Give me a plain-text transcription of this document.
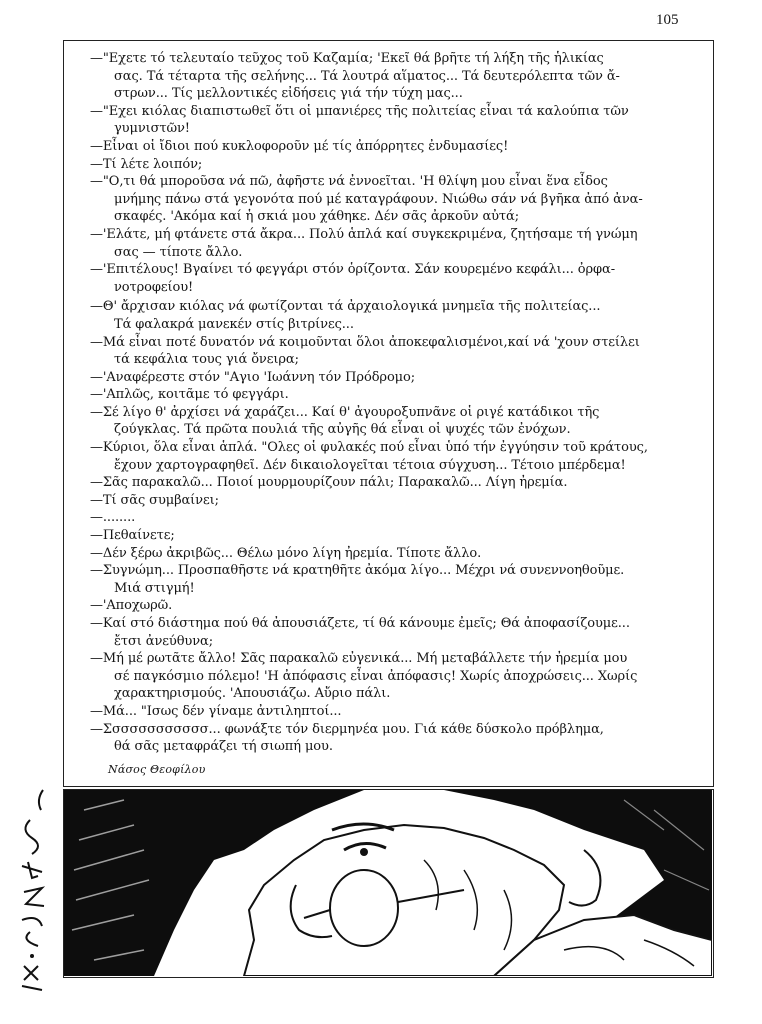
105
—"Εχετε τό τελευταίο τεῦχος τοῦ Καζαμία; 'Εκεῖ θά βρῆτε τή λήξη τῆς ἡλικίας
σας. Τά τέταρτα τῆς σελήνης... Τά λουτρά αἵματος... Τά δευτερόλεπτα τῶν ἄ-
στρων... Τίς μελλοντικές εἰδήσεις γιά τήν τύχη μας...
—"Εχει κιόλας διαπιστωθεῖ ὅτι οἱ μπανιέρες τῆς πολιτείας εἶναι τά καλούπια τῶν
γυμνιστῶν!
—Εἶναι οἱ ἴδιοι πού κυκλοφοροῦν μέ τίς ἀπόρρητες ἐνδυμασίες!
—Τί λέτε λοιπόν;
—"Ο,τι θά μποροῦσα νά πῶ, ἀφῆστε νά ἐννοεῖται. 'Η θλίψη μου εἶναι ἕνα εἶδος
μνήμης πάνω στά γεγονότα πού μέ καταγράφουν. Νιώθω σάν νά βγῆκα ἀπό ἀνα-
σκαφές. 'Ακόμα καί ἡ σκιά μου χάθηκε. Δέν σᾶς ἀρκοῦν αὐτά;
—'Ελάτε, μή φτάνετε στά ἄκρα... Πολύ ἁπλά καί συγκεκριμένα, ζητήσαμε τή γνώμη
σας — τίποτε ἄλλο.
—'Επιτέλους! Βγαίνει τό φεγγάρι στόν ὁρίζοντα. Σάν κουρεμένο κεφάλι... ὀρφα-
νοτροφείου!
—Θ' ἄρχισαν κιόλας νά φωτίζονται τά ἀρχαιολογικά μνημεῖα τῆς πολιτείας...
Τά φαλακρά μανεκέν στίς βιτρίνες...
—Μά εἶναι ποτέ δυνατόν νά κοιμοῦνται ὅλοι ἀποκεφαλισμένοι,καί νά 'χουν στείλει
τά κεφάλια τους γιά ὄνειρα;
—'Αναφέρεστε στόν "Αγιο 'Ιωάννη τόν Πρόδρομο;
—'Απλῶς, κοιτᾶμε τό φεγγάρι.
—Σέ λίγο θ' ἀρχίσει νά χαράζει... Καί θ' ἀγουροξυπνᾶνε οἱ ριγέ κατάδικοι τῆς
ζούγκλας. Τά πρῶτα πουλιά τῆς αὐγῆς θά εἶναι οἱ ψυχές τῶν ἐνόχων.
—Κύριοι, ὅλα εἶναι ἁπλά. "Ολες οἱ φυλακές πού εἶναι ὑπό τήν ἐγγύησιν τοῦ κράτους,
ἔχουν χαρτογραφηθεῖ. Δέν δικαιολογεῖται τέτοια σύγχυση... Τέτοιο μπέρδεμα!
—Σᾶς παρακαλῶ... Ποιοί μουρμουρίζουν πάλι; Παρακαλῶ... Λίγη ἠρεμία.
—Τί σᾶς συμβαίνει;
—........
—Πεθαίνετε;
—Δέν ξέρω ἀκριβῶς... Θέλω μόνο λίγη ἠρεμία. Τίποτε ἄλλο.
—Συγνώμη... Προσπαθῆστε νά κρατηθῆτε ἀκόμα λίγο... Μέχρι νά συνεννοηθοῦμε.
Μιά στιγμή!
—'Αποχωρῶ.
—Καί στό διάστημα πού θά ἀπουσιάζετε, τί θά κάνουμε ἐμεῖς; Θά ἀποφασίζουμε...
ἔτσι ἀνεύθυνα;
—Μή μέ ρωτᾶτε ἄλλο! Σᾶς παρακαλῶ εὐγενικά... Μή μεταβάλλετε τήν ἠρεμία μου
σέ παγκόσμιο πόλεμο! 'Η ἀπόφασις εἶναι ἀπόφασις! Χωρίς ἀποχρώσεις... Χωρίς
χαρακτηρισμούς. 'Απουσιάζω. Αὔριο πάλι.
—Μά... "Ισως δέν γίναμε ἀντιληπτοί...
—Σσσσσσσσσσσσ... φωνάξτε τόν διερμηνέα μου. Γιά κάθε δύσκολο πρόβλημα,
θά σᾶς μεταφράζει τή σιωπή μου.
Νάσος Θεοφίλου
